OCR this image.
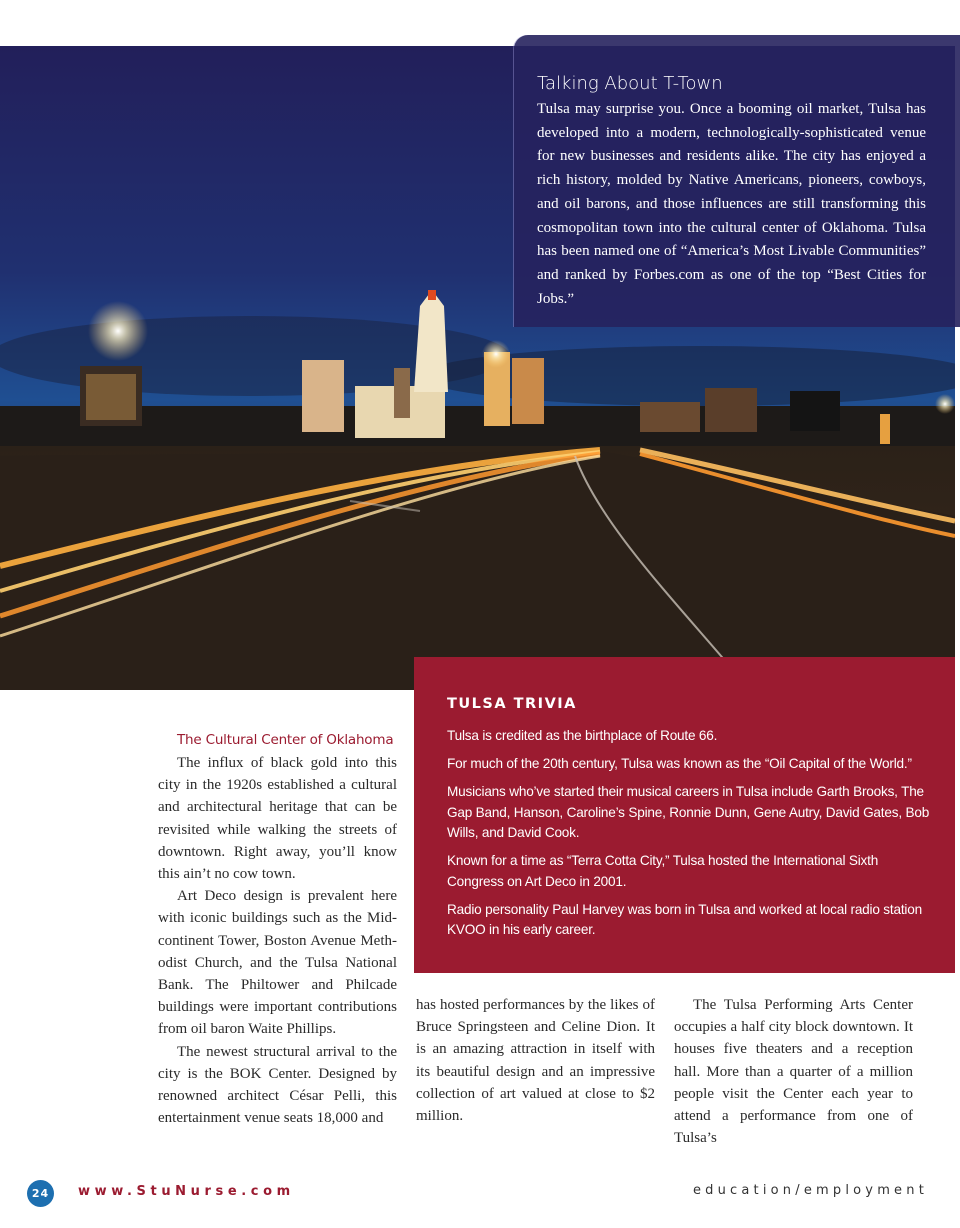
Talking About T-Town

Tulsa may surprise you. Once a booming oil market, Tulsa has developed into a modern, technologically-sophisticated venue for new businesses and residents alike. The city has enjoyed a rich history, molded by Native Americans, pioneers, cowboys, and oil barons, and those influences are still transforming this cosmopolitan town into the cultural center of Oklahoma. Tulsa has been named one of “America’s Most Livable Communities” and ranked by Forbes.com as one of the top “Best Cities for Jobs.”

TULSA TRIVIA
Tulsa is credited as the birthplace of Route 66.
For much of the 20th century, Tulsa was known as the “Oil Capital of the World.”
Musicians who’ve started their musical careers in Tulsa include Garth Brooks, The Gap Band, Hanson, Caroline’s Spine, Ronnie Dunn, Gene Autry, David Gates, Bob Wills, and David Cook.
Known for a time as “Terra Cotta City,” Tulsa hosted the International Sixth Congress on Art Deco in 2001.
Radio personality Paul Harvey was born in Tulsa and worked at local radio station KVOO in his early career.

The Cultural Center of Oklahoma

The influx of black gold into this city in the 1920s established a cultural and architectural heritage that can be revisited while walking the streets of downtown. Right away, you’ll know this ain’t no cow town.

Art Deco design is prevalent here with iconic buildings such as the Mid-continent Tower, Boston Avenue Meth-odist Church, and the Tulsa National Bank. The Philtower and Philcade buildings were important contributions from oil baron Waite Phillips.

The newest structural arrival to the city is the BOK Center. Designed by renowned architect César Pelli, this entertainment venue seats 18,000 and

has hosted performances by the likes of Bruce Springsteen and Celine Dion. It is an amazing attraction in itself with its beautiful design and an impressive collection of art valued at close to $2 million.

The Tulsa Performing Arts Center occupies a half city block downtown. It houses five theaters and a reception hall. More than a quarter of a million people visit the Center each year to attend a performance from one of Tulsa’s

24	www.StuNurse.com	education/employment
